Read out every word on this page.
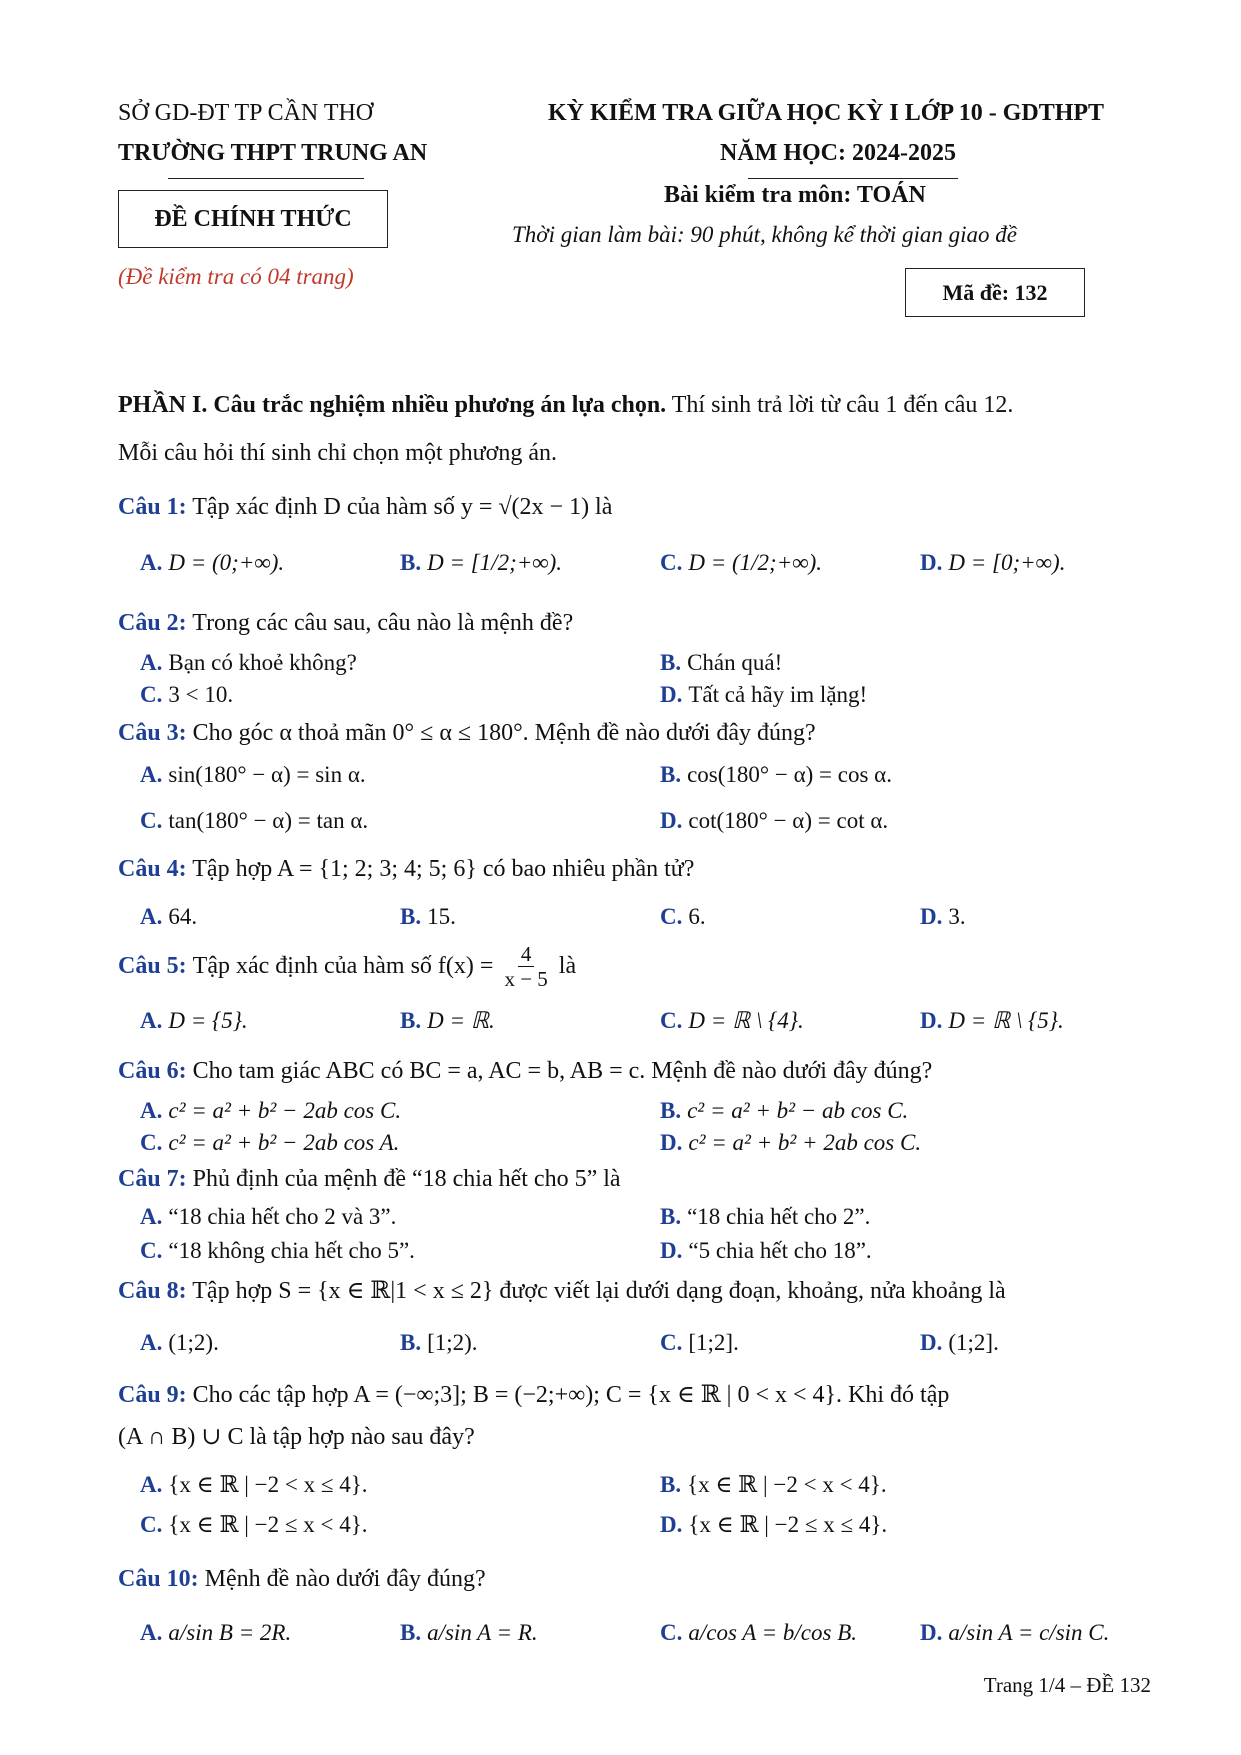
SỞ GD-ĐT TP CẦN THƠ
TRƯỜNG THPT TRUNG AN
ĐỀ CHÍNH THỨC
(Đề kiểm tra có 04 trang)
KỲ KIỂM TRA GIỮA HỌC KỲ I LỚP 10 - GDTHPT
NĂM HỌC: 2024-2025
Bài kiểm tra môn: TOÁN
Thời gian làm bài: 90 phút, không kể thời gian giao đề
Mã đề: 132
PHẦN I. Câu trắc nghiệm nhiều phương án lựa chọn. Thí sinh trả lời từ câu 1 đến câu 12.
Mỗi câu hỏi thí sinh chỉ chọn một phương án.
Câu 1: Tập xác định D của hàm số y = √(2x − 1) là
A. D = (0;+∞).	B. D = [1/2;+∞).	C. D = (1/2;+∞).	D. D = [0;+∞).
Câu 2: Trong các câu sau, câu nào là mệnh đề?
A. Bạn có khoẻ không?	B. Chán quá!
C. 3 < 10.	D. Tất cả hãy im lặng!
Câu 3: Cho góc α thoả mãn 0° ≤ α ≤ 180°. Mệnh đề nào dưới đây đúng?
A. sin(180° − α) = sin α.	B. cos(180° − α) = cos α.
C. tan(180° − α) = tan α.	D. cot(180° − α) = cot α.
Câu 4: Tập hợp A = {1; 2; 3; 4; 5; 6} có bao nhiêu phần tử?
A. 64.	B. 15.	C. 6.	D. 3.
Câu 5: Tập xác định của hàm số $f(x) = \frac{4}{x - 5}$ là
A. D = {5}.	B. D = ℝ.	C. D = ℝ \ {4}.	D. D = ℝ \ {5}.
Câu 6: Cho tam giác ABC có BC = a, AC = b, AB = c. Mệnh đề nào dưới đây đúng?
A. c² = a² + b² − 2ab cos C.	B. c² = a² + b² − ab cos C.
C. c² = a² + b² − 2ab cos A.	D. c² = a² + b² + 2ab cos C.
Câu 7: Phủ định của mệnh đề “18 chia hết cho 5” là
A. “18 chia hết cho 2 và 3”.	B. “18 chia hết cho 2”.
C. “18 không chia hết cho 5”.	D. “5 chia hết cho 18”.
Câu 8: Tập hợp S = {x ∈ ℝ|1 < x ≤ 2} được viết lại dưới dạng đoạn, khoảng, nửa khoảng là
A. (1;2).	B. [1;2).	C. [1;2].	D. (1;2].
Câu 9: Cho các tập hợp A = (−∞;3]; B = (−2;+∞); C = {x ∈ ℝ | 0 < x < 4}. Khi đó tập
(A ∩ B) ∪ C là tập hợp nào sau đây?
A. {x ∈ ℝ | −2 < x ≤ 4}.	B. {x ∈ ℝ | −2 < x < 4}.
C. {x ∈ ℝ | −2 ≤ x < 4}.	D. {x ∈ ℝ | −2 ≤ x ≤ 4}.
Câu 10: Mệnh đề nào dưới đây đúng?
A. a/sin B = 2R.	B. a/sin A = R.	C. a/cos A = b/cos B.	D. a/sin A = c/sin C.
Trang 1/4 – ĐỀ 132
